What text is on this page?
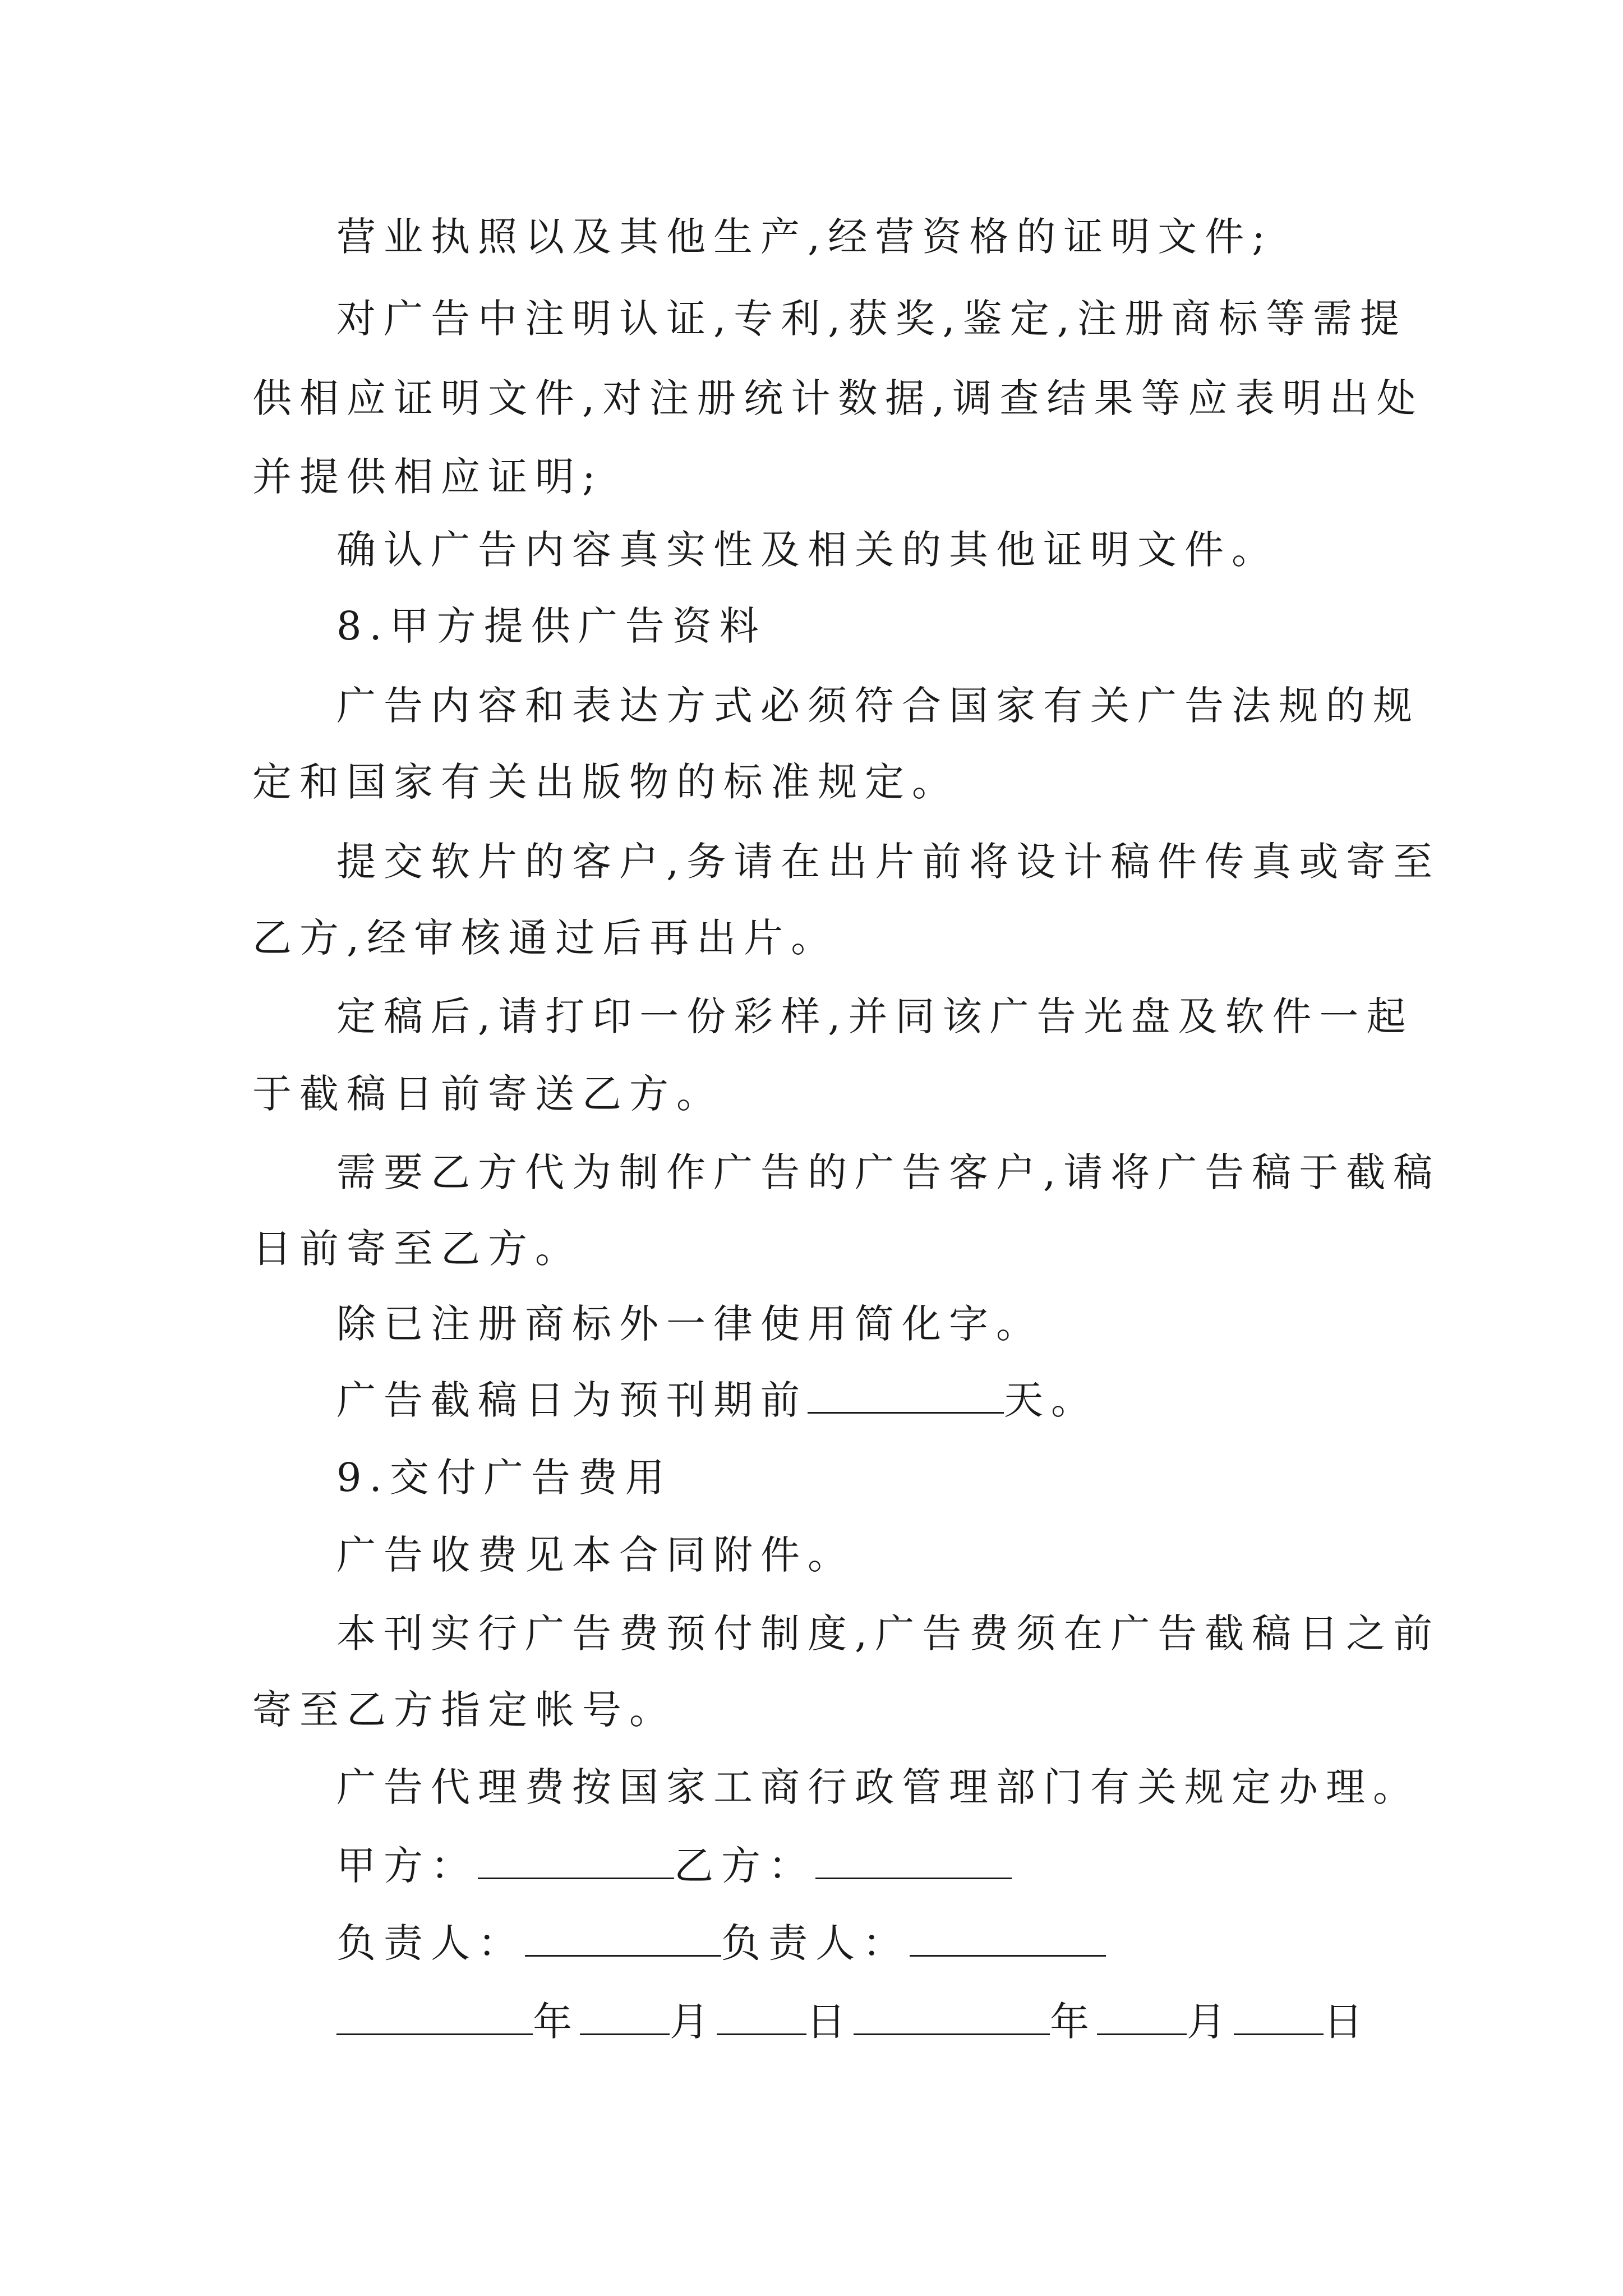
营业执照以及其他生产,经营资格的证明文件;
对广告中注明认证,专利,获奖,鉴定,注册商标等需提
供相应证明文件,对注册统计数据,调查结果等应表明出处
并提供相应证明;
确认广告内容真实性及相关的其他证明文件。
8.甲方提供广告资料
广告内容和表达方式必须符合国家有关广告法规的规
定和国家有关出版物的标准规定。
提交软片的客户,务请在出片前将设计稿件传真或寄至
乙方,经审核通过后再出片。
定稿后,请打印一份彩样,并同该广告光盘及软件一起
于截稿日前寄送乙方。
需要乙方代为制作广告的广告客户,请将广告稿于截稿
日前寄至乙方。
除已注册商标外一律使用简化字。
广告截稿日为预刊期前	天。
9.交付广告费用
广告收费见本合同附件。
本刊实行广告费预付制度,广告费须在广告截稿日之前
寄至乙方指定帐号。
广告代理费按国家工商行政管理部门有关规定办理。
甲方：	乙方：
负责人：	负责人：
年 月 日	年 月 日
